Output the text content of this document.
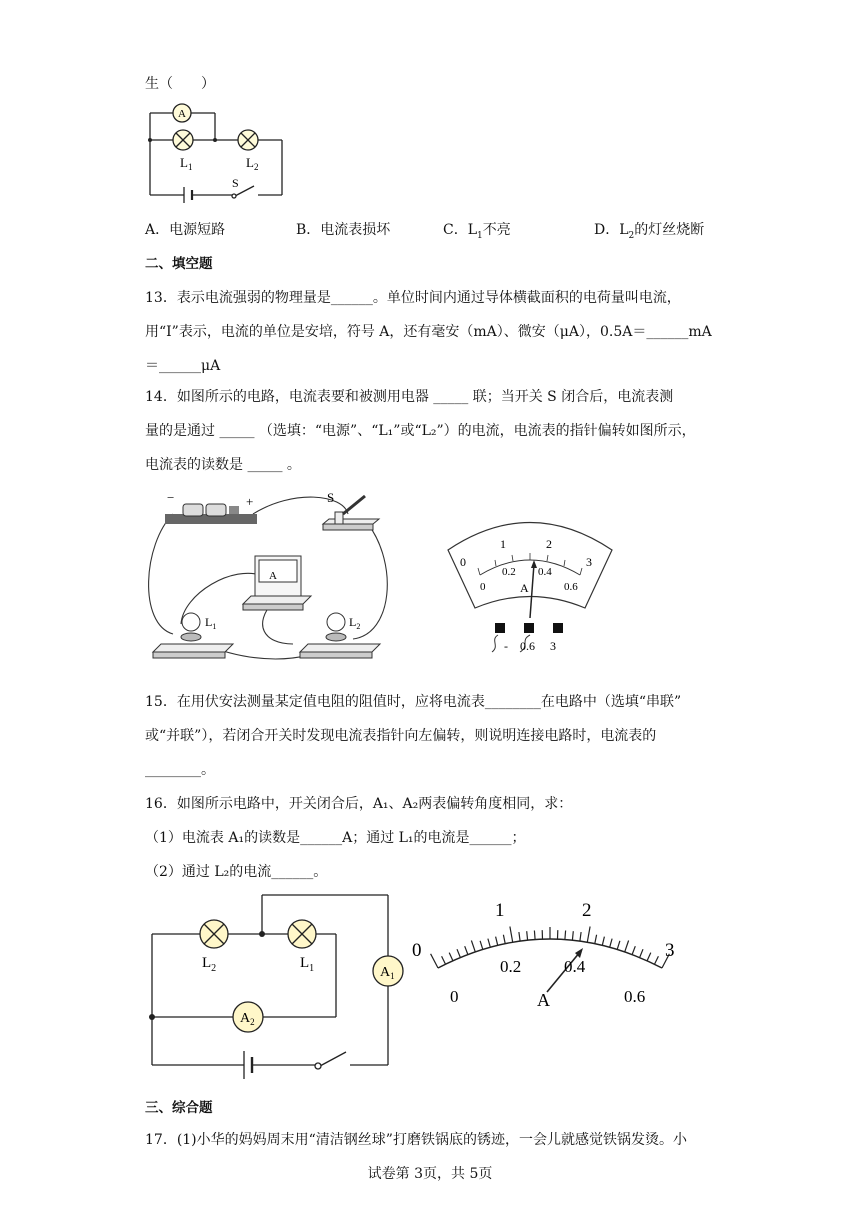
生（　　）
A
$L_1$	$L_2$
S
A．电源短路	B．电流表损坏	C．$L_1$不亮	D．$L_2$的灯丝烧断
二、填空题
13．表示电流强弱的物理量是______。单位时间内通过导体横截面积的电荷量叫电流，
用“I”表示，电流的单位是安培，符号 A，还有毫安（mA）、微安（μA），0.5A＝______mA
＝______μA
14．如图所示的电路，电流表要和被测用电器 _____ 联；当开关 S 闭合后，电流表测
量的是通过 _____ （选填：“电源”、“L₁”或“L₂”）的电流，电流表的指针偏转如图所示，
电流表的读数是 _____ 。
−	+	S
A
$L_1$	$L_2$
0
1	2
3
0
0.2 0.4
0.6
A
- 0.6 3
15．在用伏安法测量某定值电阻的阻值时，应将电流表________在电路中（选填“串联”
或“并联”），若闭合开关时发现电流表指针向左偏转，则说明连接电路时，电流表的
________。
16．如图所示电路中，开关闭合后，A₁、A₂两表偏转角度相同，求：
（1）电流表 A₁的读数是______A；通过 L₁的电流是______；
（2）通过 L₂的电流______。
$L_2$	$L_1$	$A_1$
$A_2$
0
1	2
3
0
0.2	0.4
0.6
A
三、综合题
17．(1)小华的妈妈周末用“清洁钢丝球”打磨铁锅底的锈迹，一会儿就感觉铁锅发烫。小
试卷第 3页，共 5页
